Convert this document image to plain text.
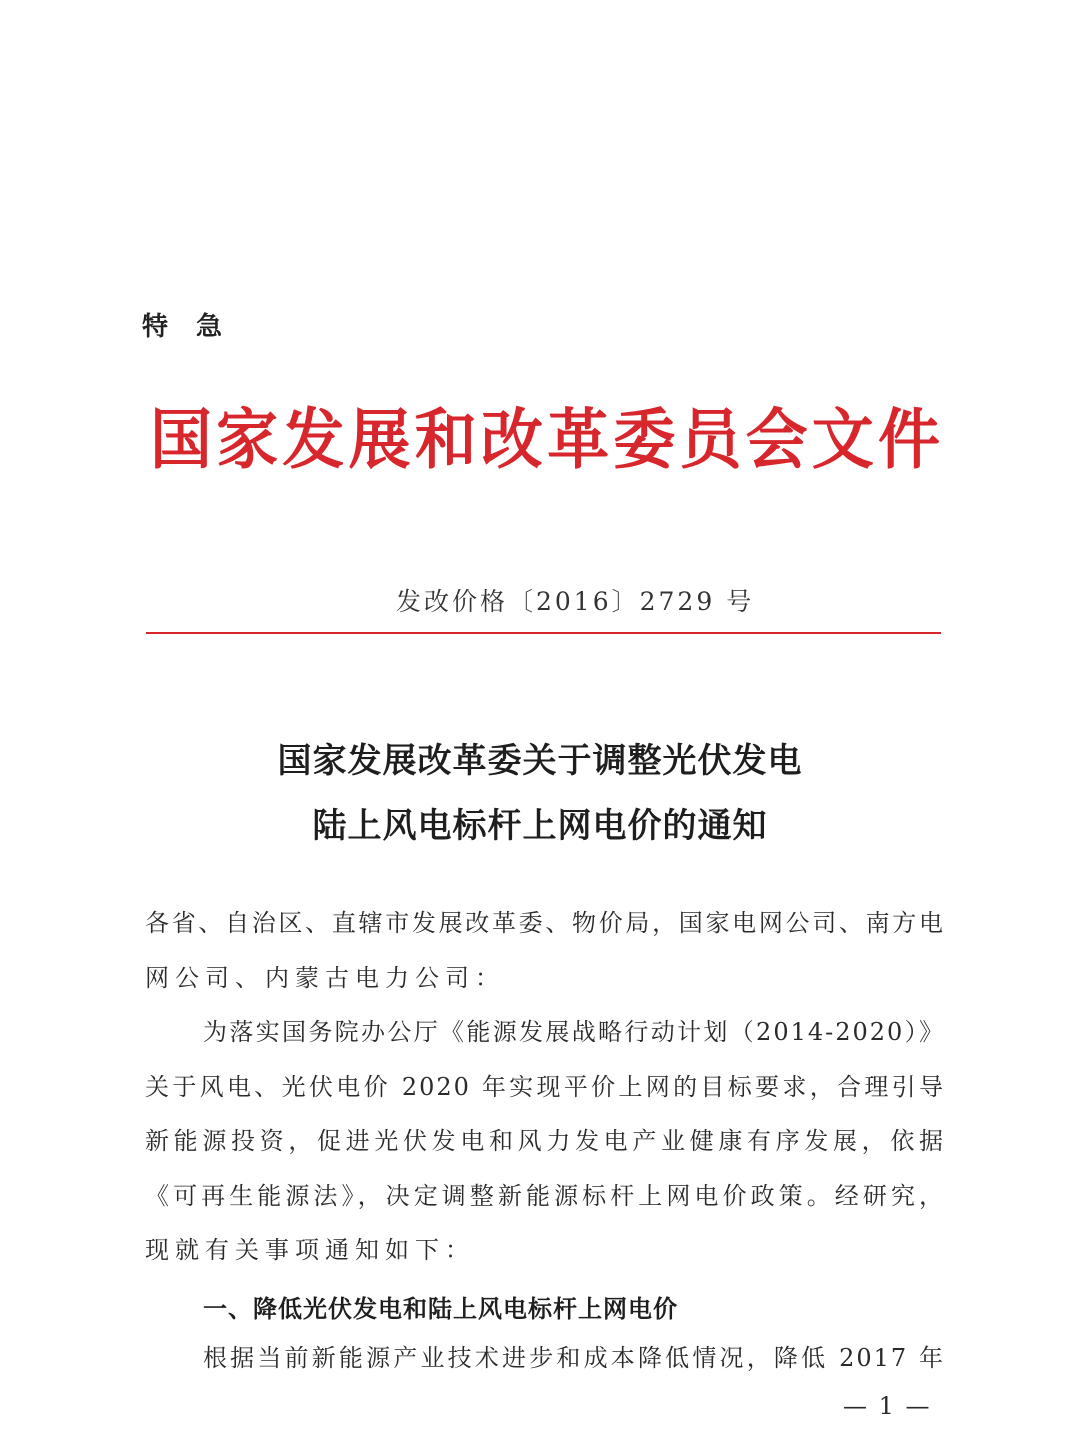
特急
国家发展和改革委员会文件
发改价格〔2016〕2729 号
国家发展改革委关于调整光伏发电
陆上风电标杆上网电价的通知
各省、自治区、直辖市发展改革委、物价局，国家电网公司、南方电
网公司、内蒙古电力公司：
为落实国务院办公厅《能源发展战略行动计划（2014-2020）》
关于风电、光伏电价 2020 年实现平价上网的目标要求，合理引导
新能源投资，促进光伏发电和风力发电产业健康有序发展，依据
《可再生能源法》，决定调整新能源标杆上网电价政策。经研究，
现就有关事项通知如下：
一、降低光伏发电和陆上风电标杆上网电价
根据当前新能源产业技术进步和成本降低情况，降低 2017 年
— 1 —
